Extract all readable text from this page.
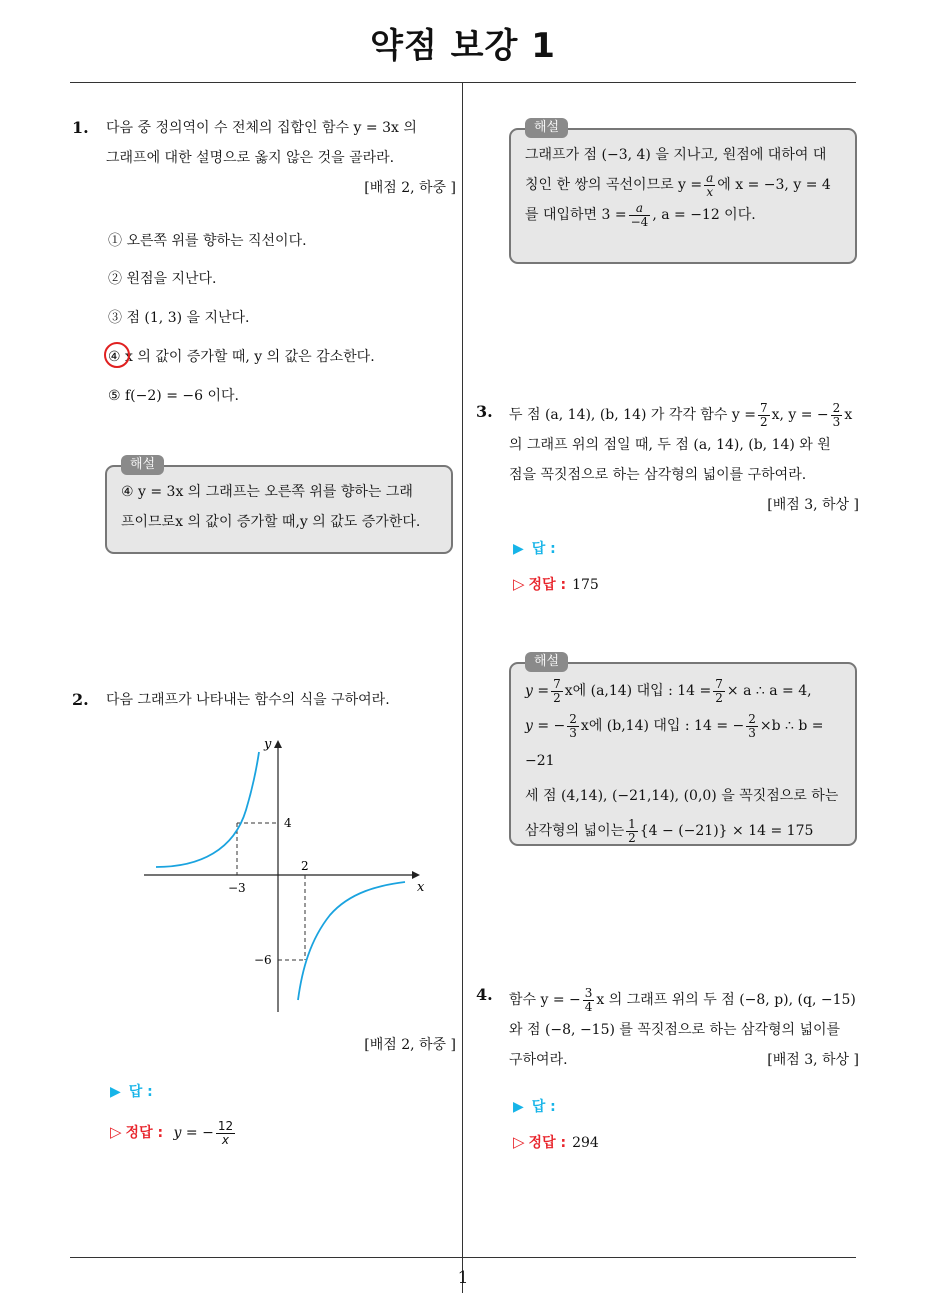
약점 보강 1
1
1. 다음 중 정의역이 수 전체의 집합인 함수 y = 3x 의
그래프에 대한 설명으로 옳지 않은 것을 골라라.
[배점 2, 하중 ]
① 오른쪽 위를 향하는 직선이다.
② 원점을 지난다.
③ 점 (1, 3) 을 지난다.
④ x 의 값이 증가할 때, y 의 값은 감소한다.
⑤ f(−2) = −6 이다.
해설
④ y = 3x 의 그래프는 오른쪽 위를 향하는 그래
프이므로x 의 값이 증가할 때,y 의 값도 증가한다.
2. 다음 그래프가 나타내는 함수의 식을 구하여라.
x
y
−3
4
2
−6
[배점 2, 하중 ]
▶ 답 :
▷ 정답 : y = − $\frac{12}{x}$
해설
그래프가 점 (−3, 4) 을 지나고, 원점에 대하여 대
칭인 한 쌍의 곡선이므로 $y = \frac{a}{x}$ 에 x = −3, y = 4
를 대입하면 $3 = \frac{a}{-4}$ , a = −12 이다.
3. 두 점 (a, 14), (b, 14) 가 각각 함수 $y = \frac{7}{2} x$, y = − $\frac{2}{3}$ x
의 그래프 위의 점일 때, 두 점 (a, 14), (b, 14) 와 원
점을 꼭짓점으로 하는 삼각형의 넓이를 구하여라.
[배점 3, 하상 ]
▶ 답 :
▷ 정답 : 175
해설
$y = \frac{7}{2}$ x에 (a,14) 대입 : $14 = \frac{7}{2} \times a$ ∴ a = 4,
y = − $\frac{2}{3}$ x에 (b,14) 대입 : 14 = − $\frac{2}{3} \times b$ ∴ b = −21
세 점 (4,14), (−21,14), (0,0) 을 꼭짓점으로 하는
삼각형의 넓이는 $\frac{1}{2} \{4 - (-21)\} \times 14 = 175$
4. 함수 y = − $\frac{3}{4}$ x 의 그래프 위의 두 점 (−8, p), (q, −15)
와 점 (−8, −15) 를 꼭짓점으로 하는 삼각형의 넓이를
구하여라.	[배점 3, 하상 ]
▶ 답 :
▷ 정답 : 294
